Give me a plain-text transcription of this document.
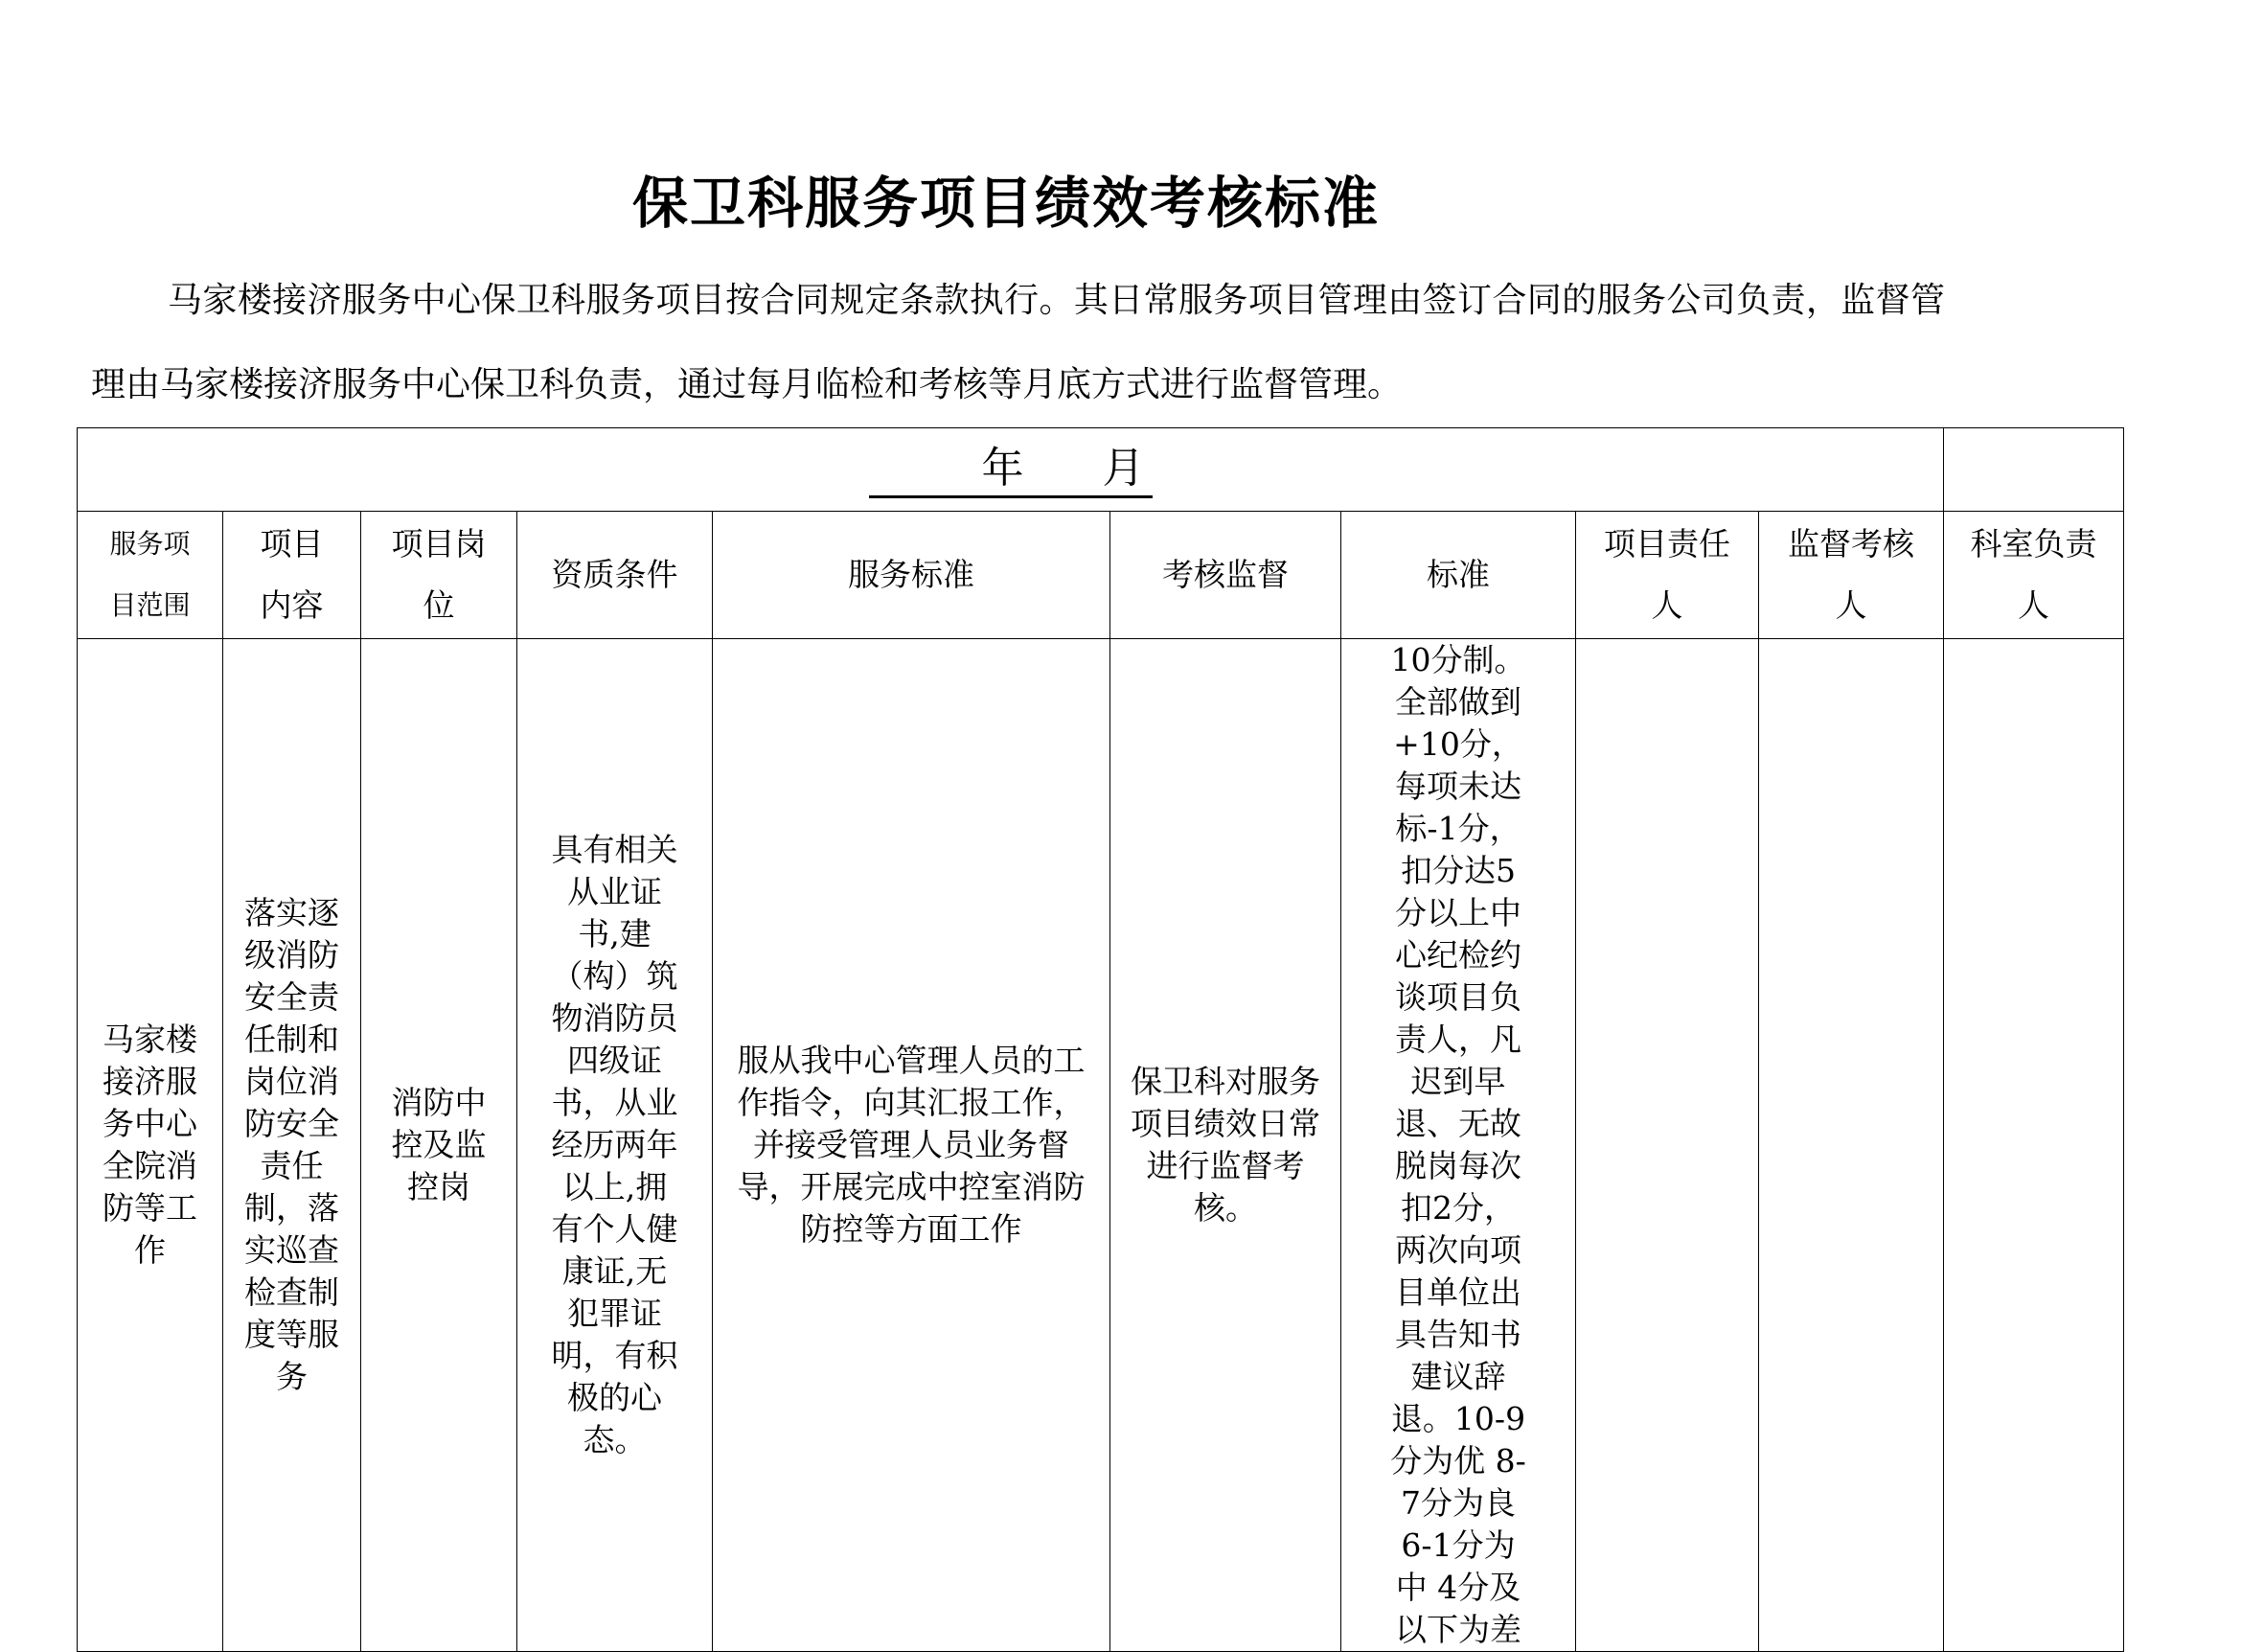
保卫科服务项目绩效考核标准
马家楼接济服务中心保卫科服务项目按合同规定条款执行。其日常服务项目管理由签订合同的服务公司负责，监督管理由马家楼接济服务中心保卫科负责，通过每月临检和考核等月底方式进行监督管理。
年 月									

服务项目范围	项目内容	项目岗位	资质条件	服务标准	考核监督	标准	项目责任人	监督考核人	科室负责人

马家楼接济服务中心全院消防等工作	落实逐级消防安全责任制和岗位消防安全责任制，落实巡查检查制度等服务	消防中控及监控岗	具有相关从业证书,建（构）筑物消防员四级证书，从业经历两年以上,拥有个人健康证,无犯罪证明，有积极的心态。	服从我中心管理人员的工作指令，向其汇报工作，并接受管理人员业务督导，开展完成中控室消防防控等方面工作	保卫科对服务项目绩效日常进行监督考核。	10分制。全部做到+10分，每项未达标-1分，扣分达5分以上中心纪检约谈项目负责人，凡迟到早退、无故脱岗每次扣2分，两次向项目单位出具告知书建议辞退。10-9分为优 8-7分为良 6-1分为中 4分及以下为差			
